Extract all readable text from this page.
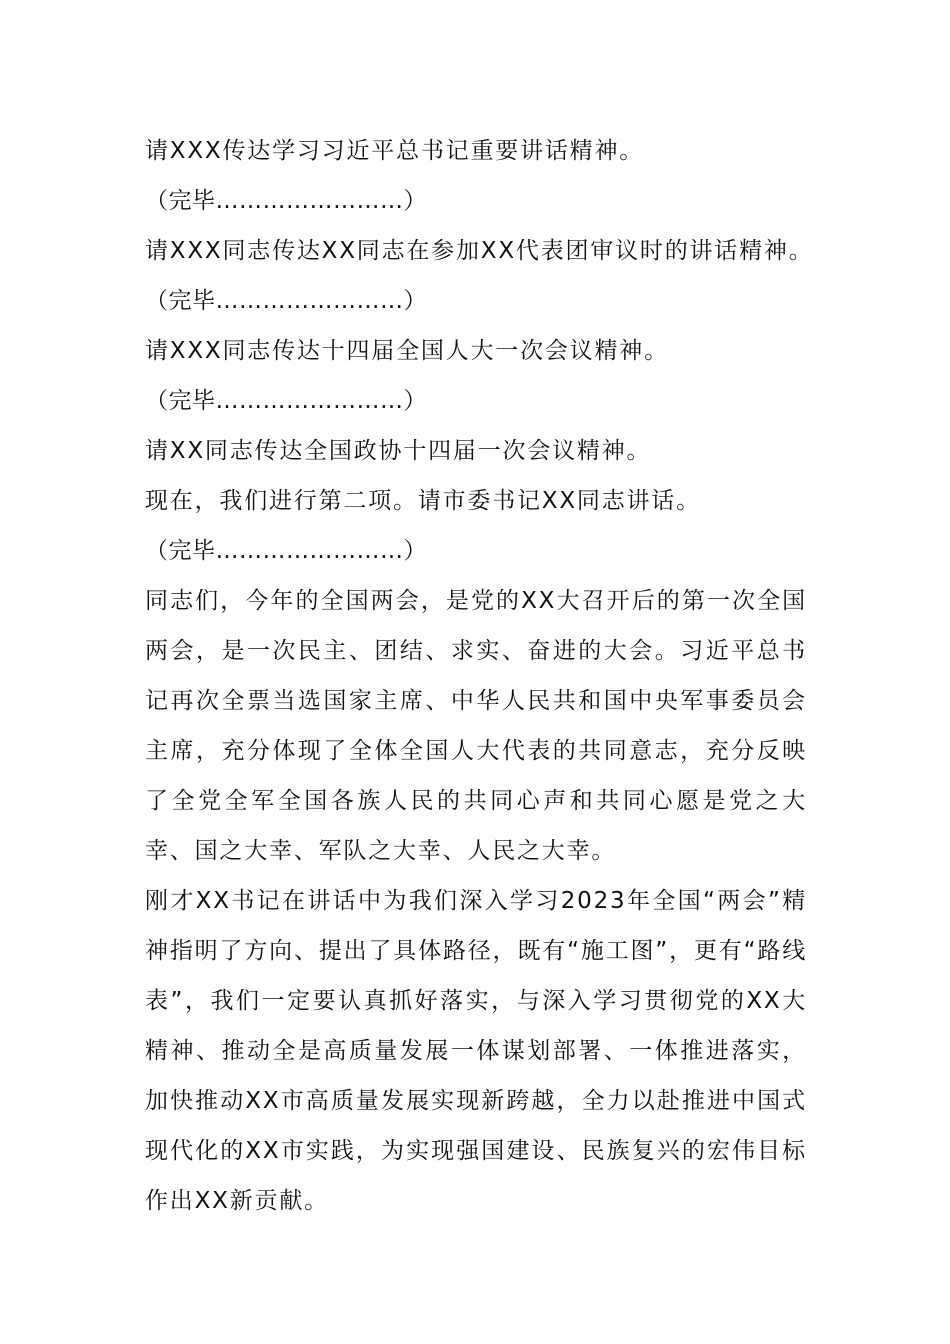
请XXX传达学习习近平总书记重要讲话精神。
（完毕……………………）
请XXX同志传达XX同志在参加XX代表团审议时的讲话精神。
（完毕……………………）
请XXX同志传达十四届全国人大一次会议精神。
（完毕……………………）
请XX同志传达全国政协十四届一次会议精神。
现在，我们进行第二项。请市委书记XX同志讲话。
（完毕……………………）
同志们，今年的全国两会，是党的XX大召开后的第一次全国两会，是一次民主、团结、求实、奋进的大会。习近平总书记再次全票当选国家主席、中华人民共和国中央军事委员会主席，充分体现了全体全国人大代表的共同意志，充分反映了全党全军全国各族人民的共同心声和共同心愿是党之大幸、国之大幸、军队之大幸、人民之大幸。
刚才XX书记在讲话中为我们深入学习2023年全国“两会”精神指明了方向、提出了具体路径，既有“施工图”，更有“路线表”，我们一定要认真抓好落实，与深入学习贯彻党的XX大精神、推动全是高质量发展一体谋划部署、一体推进落实，加快推动XX市高质量发展实现新跨越，全力以赴推进中国式现代化的XX市实践，为实现强国建设、民族复兴的宏伟目标作出XX新贡献。
